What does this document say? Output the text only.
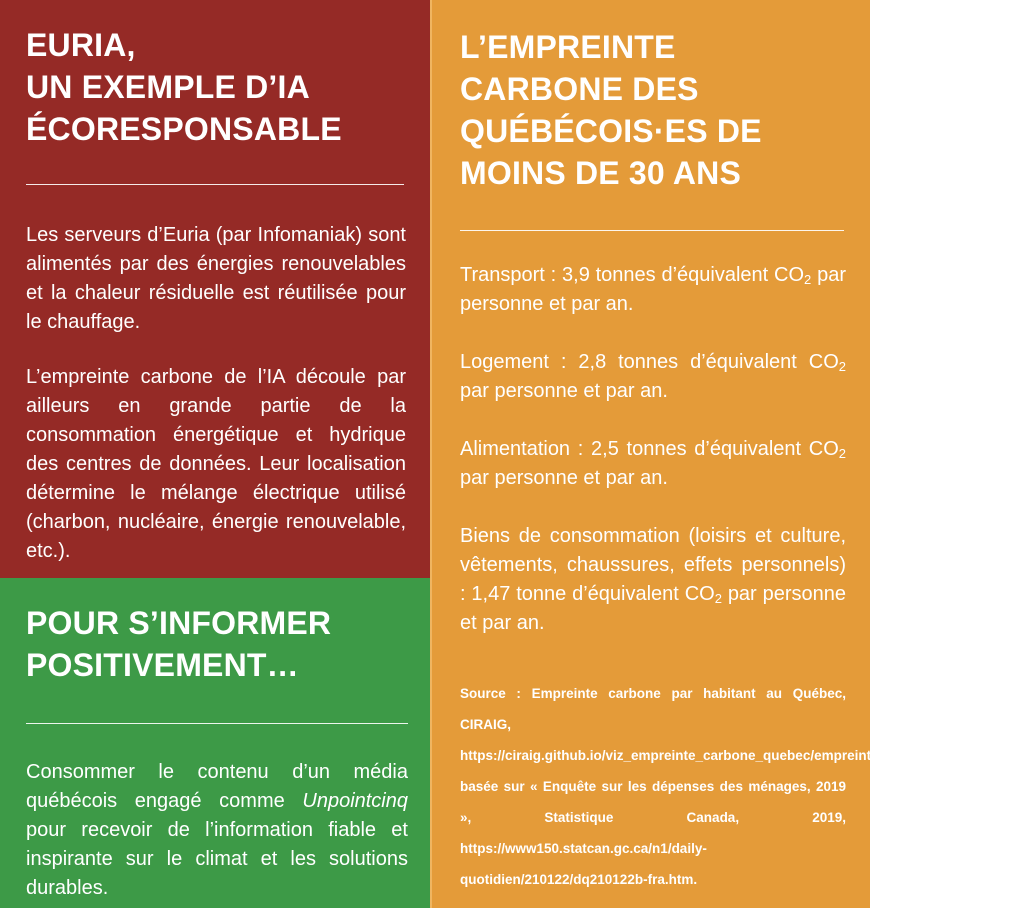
EURIA,
UN EXEMPLE D’IA
ÉCORESPONSABLE

Les serveurs d’Euria (par Infomaniak) sont alimentés par des énergies renouvelables et la chaleur résiduelle est réutilisée pour le chauffage.

L’empreinte carbone de l’IA découle par ailleurs en grande partie de la consommation énergétique et hydrique des centres de données. Leur localisation détermine le mélange électrique utilisé (charbon, nucléaire, énergie renouvelable, etc.).

POUR S’INFORMER
POSITIVEMENT…

Consommer le contenu d’un média québécois engagé comme Unpointcinq pour recevoir de l’information fiable et inspirante sur le climat et les solutions durables.

L’EMPREINTE
CARBONE DES
QUÉBÉCOIS·ES DE
MOINS DE 30 ANS

Transport : 3,9 tonnes d’équivalent $CO_2$ par personne et par an.

Logement : 2,8 tonnes d’équivalent $CO_2$ par personne et par an.

Alimentation : 2,5 tonnes d’équivalent $CO_2$ par personne et par an.

Biens de consommation (loisirs et culture, vêtements, chaussures, effets personnels) : 1,47 tonne d’équivalent $CO_2$ par personne et par an.

Source : Empreinte carbone par habitant au Québec, CIRAIG, https://ciraig.github.io/viz_empreinte_carbone_quebec/empreinte_carbone_habitant.html basée sur « Enquête sur les dépenses des ménages, 2019 », Statistique Canada, 2019, https://www150.statcan.gc.ca/n1/daily-quotidien/210122/dq210122b-fra.htm.
